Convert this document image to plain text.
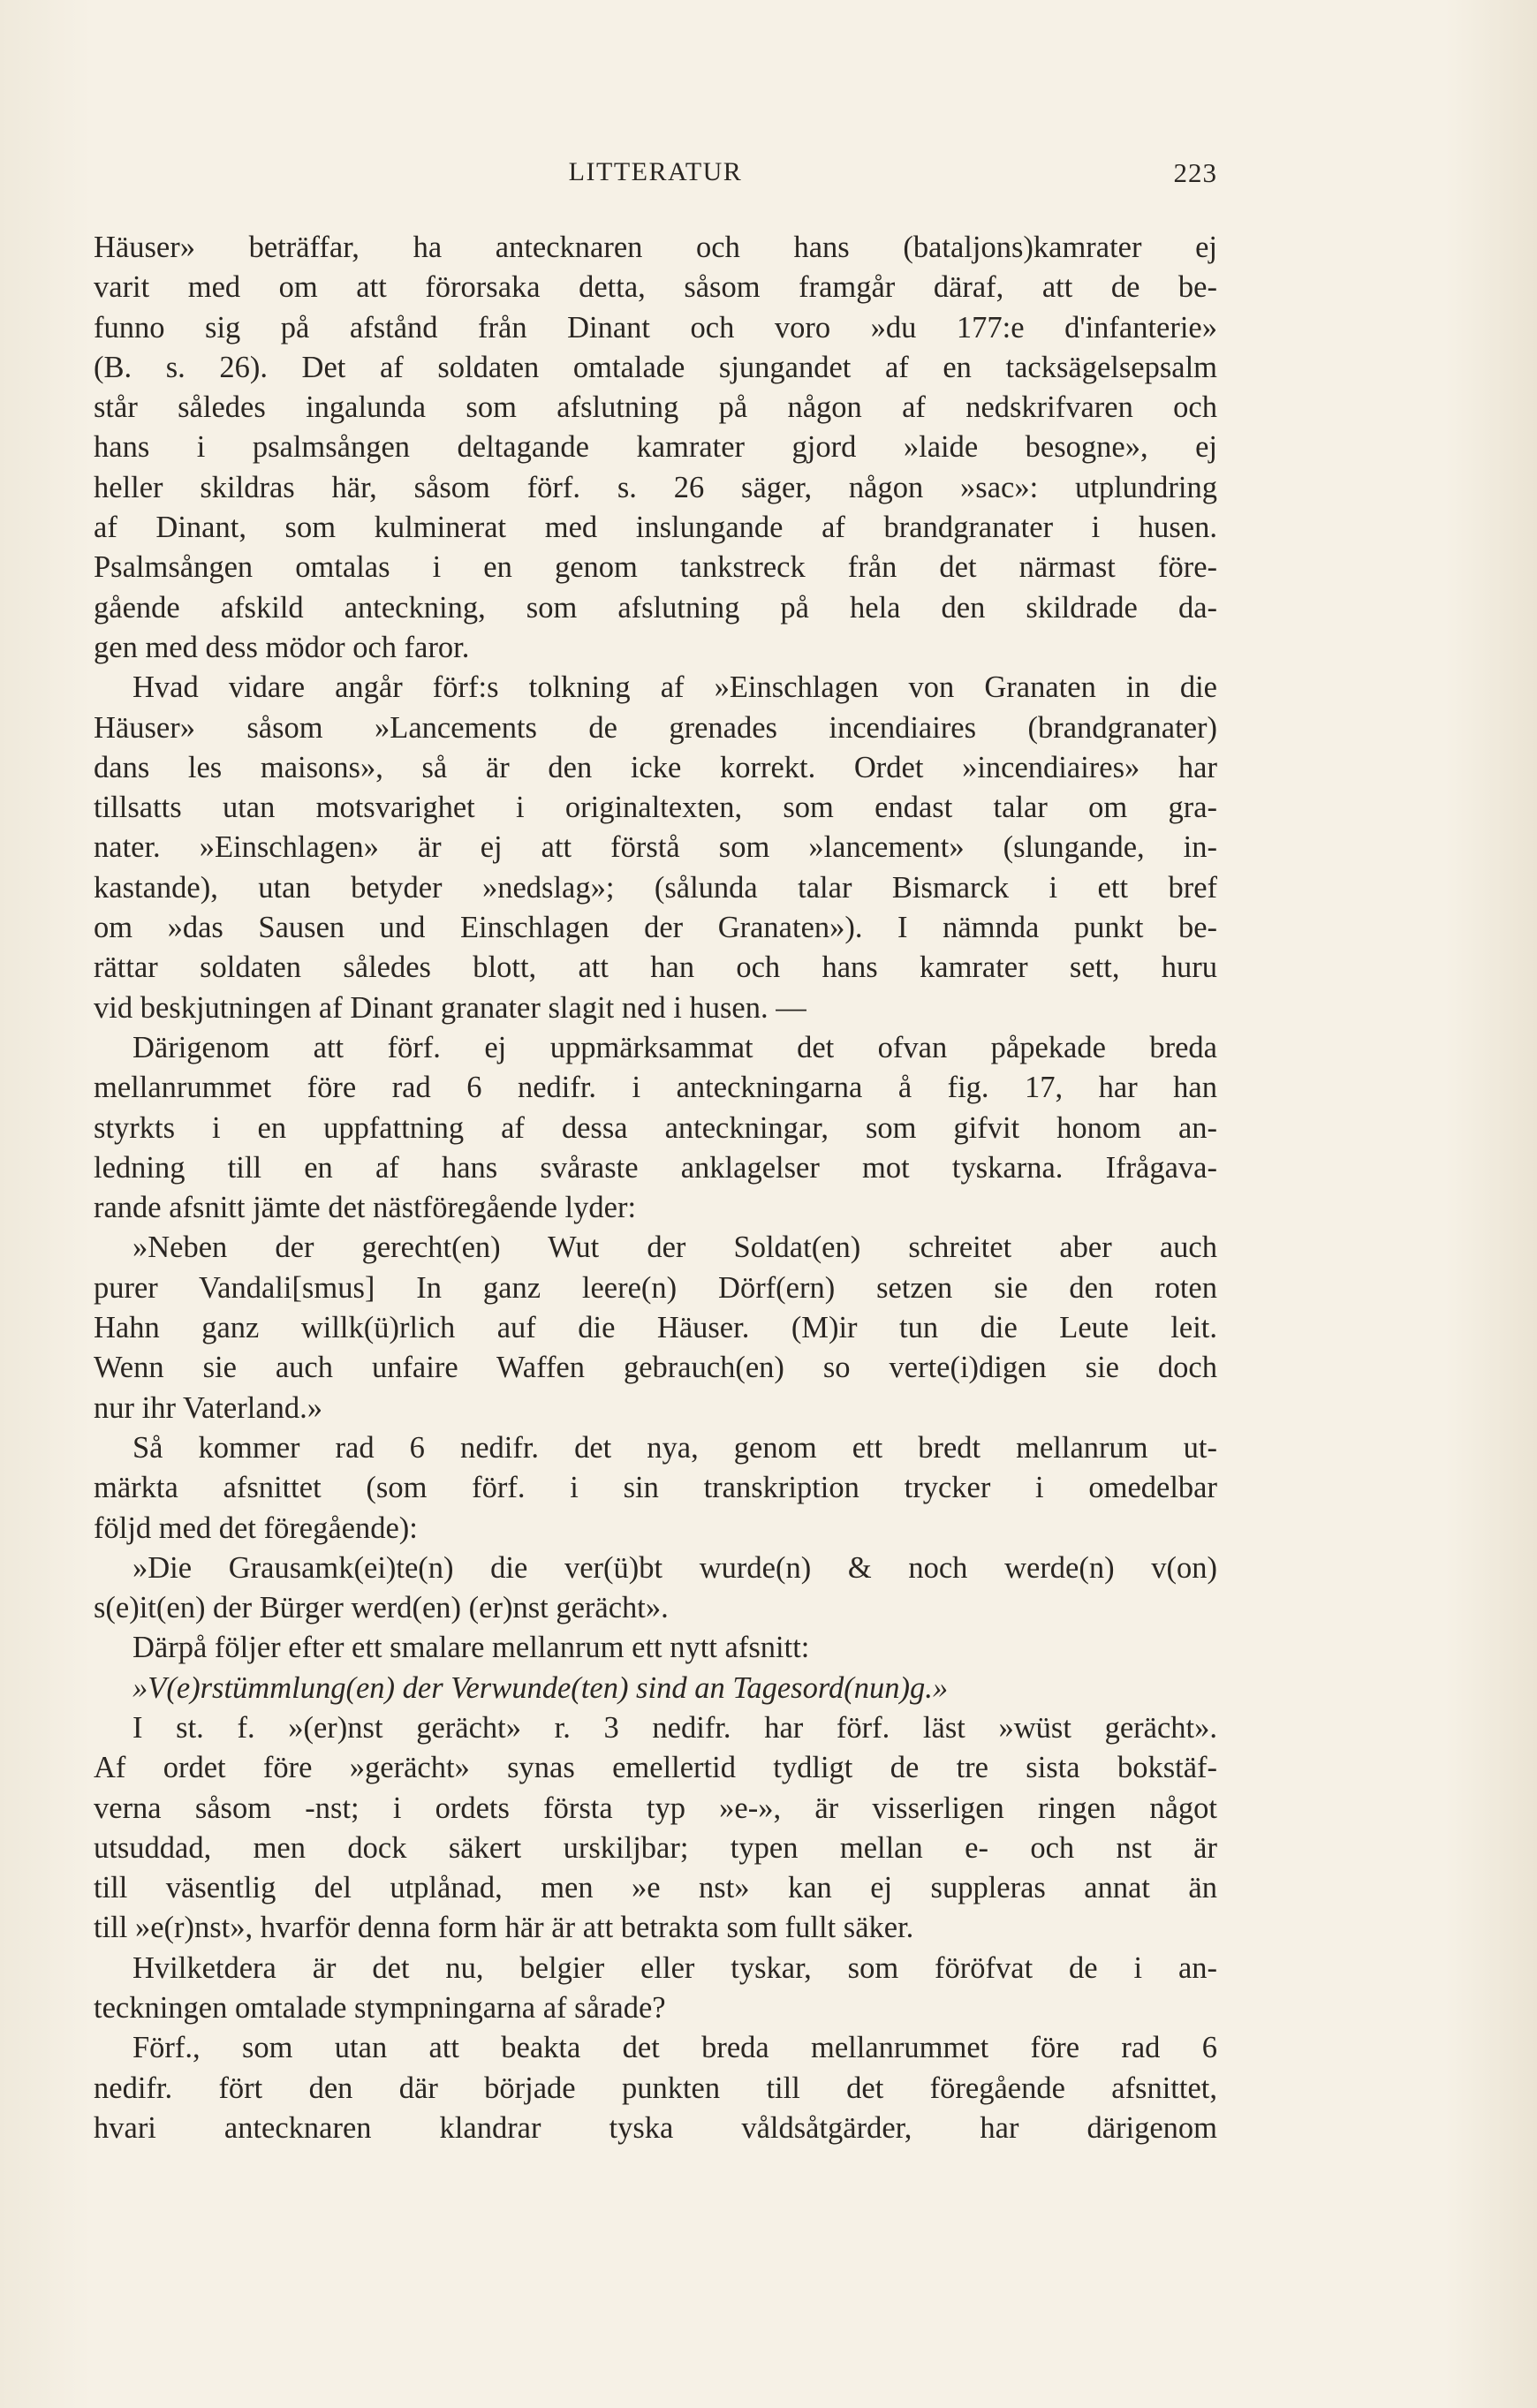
LITTERATUR	223
Häuser» beträffar, ha antecknaren och hans (bataljons)kamrater ej
varit med om att förorsaka detta, såsom framgår däraf, att de be-
funno sig på afstånd från Dinant och voro »du 177:e d'infanterie»
(B. s. 26). Det af soldaten omtalade sjungandet af en tacksägelsepsalm
står således ingalunda som afslutning på någon af nedskrifvaren och
hans i psalmsången deltagande kamrater gjord »laide besogne», ej
heller skildras här, såsom förf. s. 26 säger, någon »sac»: utplundring
af Dinant, som kulminerat med inslungande af brandgranater i husen.
Psalmsången omtalas i en genom tankstreck från det närmast före-
gående afskild anteckning, som afslutning på hela den skildrade da-
gen med dess mödor och faror.
Hvad vidare angår förf:s tolkning af »Einschlagen von Granaten in die
Häuser» såsom »Lancements de grenades incendiaires (brandgranater)
dans les maisons», så är den icke korrekt. Ordet »incendiaires» har
tillsatts utan motsvarighet i originaltexten, som endast talar om gra-
nater. »Einschlagen» är ej att förstå som »lancement» (slungande, in-
kastande), utan betyder »nedslag»; (sålunda talar Bismarck i ett bref
om »das Sausen und Einschlagen der Granaten»). I nämnda punkt be-
rättar soldaten således blott, att han och hans kamrater sett, huru
vid beskjutningen af Dinant granater slagit ned i husen. —
Därigenom att förf. ej uppmärksammat det ofvan påpekade breda
mellanrummet före rad 6 nedifr. i anteckningarna å fig. 17, har han
styrkts i en uppfattning af dessa anteckningar, som gifvit honom an-
ledning till en af hans svåraste anklagelser mot tyskarna. Ifrågava-
rande afsnitt jämte det nästföregående lyder:
»Neben der gerecht(en) Wut der Soldat(en) schreitet aber auch
purer Vandali[smus] In ganz leere(n) Dörf(ern) setzen sie den roten
Hahn ganz willk(ü)rlich auf die Häuser. (M)ir tun die Leute leit.
Wenn sie auch unfaire Waffen gebrauch(en) so verte(i)digen sie doch
nur ihr Vaterland.»
Så kommer rad 6 nedifr. det nya, genom ett bredt mellanrum ut-
märkta afsnittet (som förf. i sin transkription trycker i omedelbar
följd med det föregående):
»Die Grausamk(ei)te(n) die ver(ü)bt wurde(n) & noch werde(n) v(on)
s(e)it(en) der Bürger werd(en) (er)nst gerächt».
Därpå följer efter ett smalare mellanrum ett nytt afsnitt:
»V(e)rstümmlung(en) der Verwunde(ten) sind an Tagesord(nun)g.»
I st. f. »(er)nst gerächt» r. 3 nedifr. har förf. läst »wüst gerächt».
Af ordet före »gerächt» synas emellertid tydligt de tre sista bokstäf-
verna såsom -nst; i ordets första typ »e-», är visserligen ringen något
utsuddad, men dock säkert urskiljbar; typen mellan e- och nst är
till väsentlig del utplånad, men »e nst» kan ej suppleras annat än
till »e(r)nst», hvarför denna form här är att betrakta som fullt säker.
Hvilketdera är det nu, belgier eller tyskar, som föröfvat de i an-
teckningen omtalade stympningarna af sårade?
Förf., som utan att beakta det breda mellanrummet före rad 6
nedifr. fört den där började punkten till det föregående afsnittet,
hvari antecknaren klandrar tyska våldsåtgärder, har därigenom
